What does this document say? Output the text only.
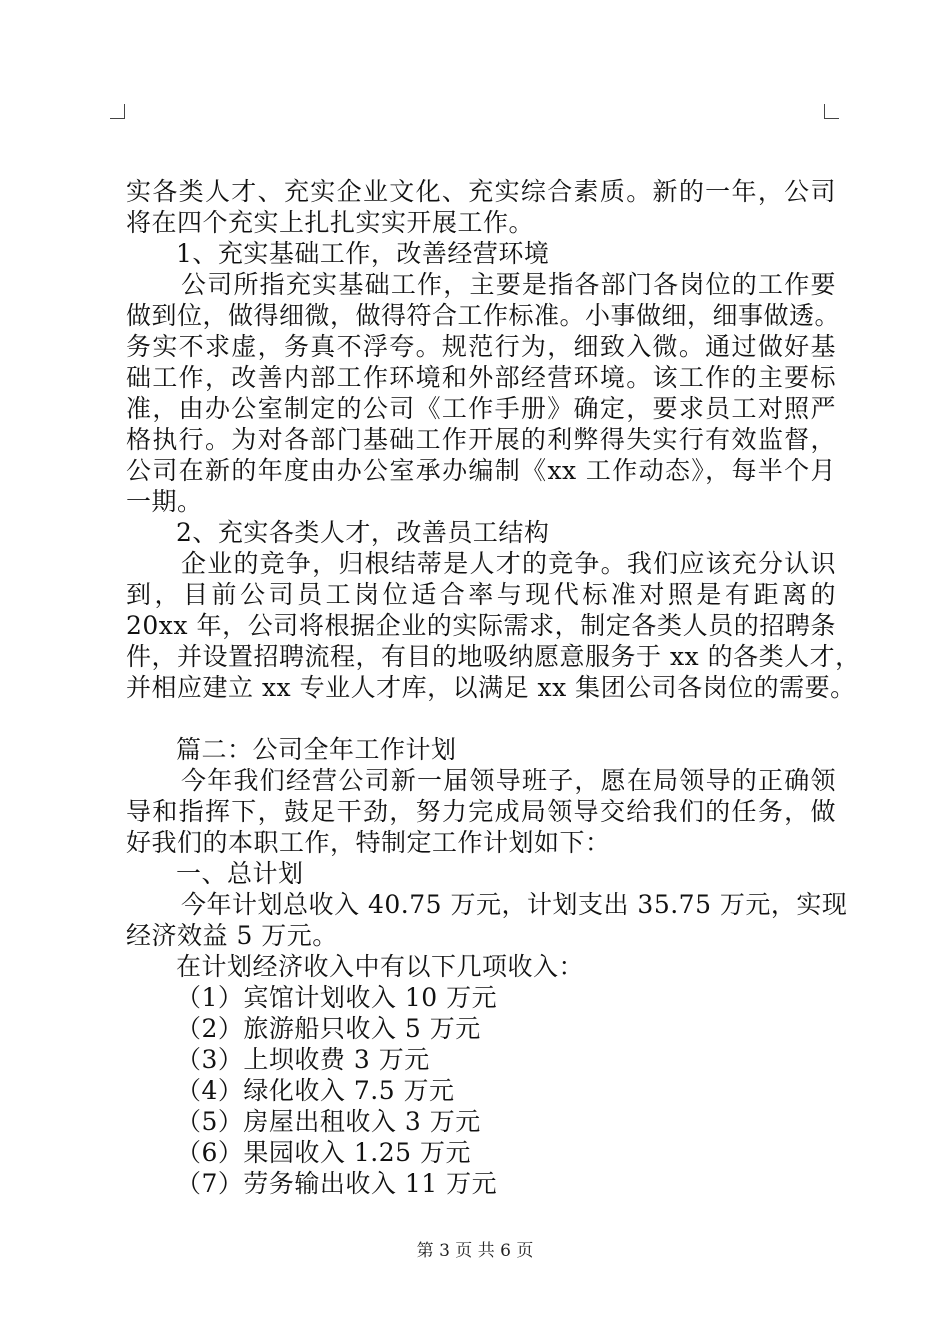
实各类人才、充实企业文化、充实综合素质。新的一年，公司
将在四个充实上扎扎实实开展工作。
1、充实基础工作，改善经营环境
公司所指充实基础工作，主要是指各部门各岗位的工作要
做到位，做得细微，做得符合工作标准。小事做细，细事做透。
务实不求虚，务真不浮夸。规范行为，细致入微。通过做好基
础工作，改善内部工作环境和外部经营环境。该工作的主要标
准，由办公室制定的公司《工作手册》确定，要求员工对照严
格执行。为对各部门基础工作开展的利弊得失实行有效监督，
公司在新的年度由办公室承办编制《xx 工作动态》，每半个月
一期。
2、充实各类人才，改善员工结构
企业的竞争，归根结蒂是人才的竞争。我们应该充分认识
到，目前公司员工岗位适合率与现代标准对照是有距离的
20xx 年，公司将根据企业的实际需求，制定各类人员的招聘条
件，并设置招聘流程，有目的地吸纳愿意服务于 xx 的各类人才，
并相应建立 xx 专业人才库，以满足 xx 集团公司各岗位的需要。
篇二：公司全年工作计划
今年我们经营公司新一届领导班子，愿在局领导的正确领
导和指挥下，鼓足干劲，努力完成局领导交给我们的任务，做
好我们的本职工作，特制定工作计划如下：
一、总计划
今年计划总收入 40.75 万元，计划支出 35.75 万元，实现
经济效益 5 万元。
在计划经济收入中有以下几项收入：
（1）宾馆计划收入 10 万元
（2）旅游船只收入 5 万元
（3）上坝收费 3 万元
（4）绿化收入 7.5 万元
（5）房屋出租收入 3 万元
（6）果园收入 1.25 万元
（7）劳务输出收入 11 万元
第 3 页 共 6 页
